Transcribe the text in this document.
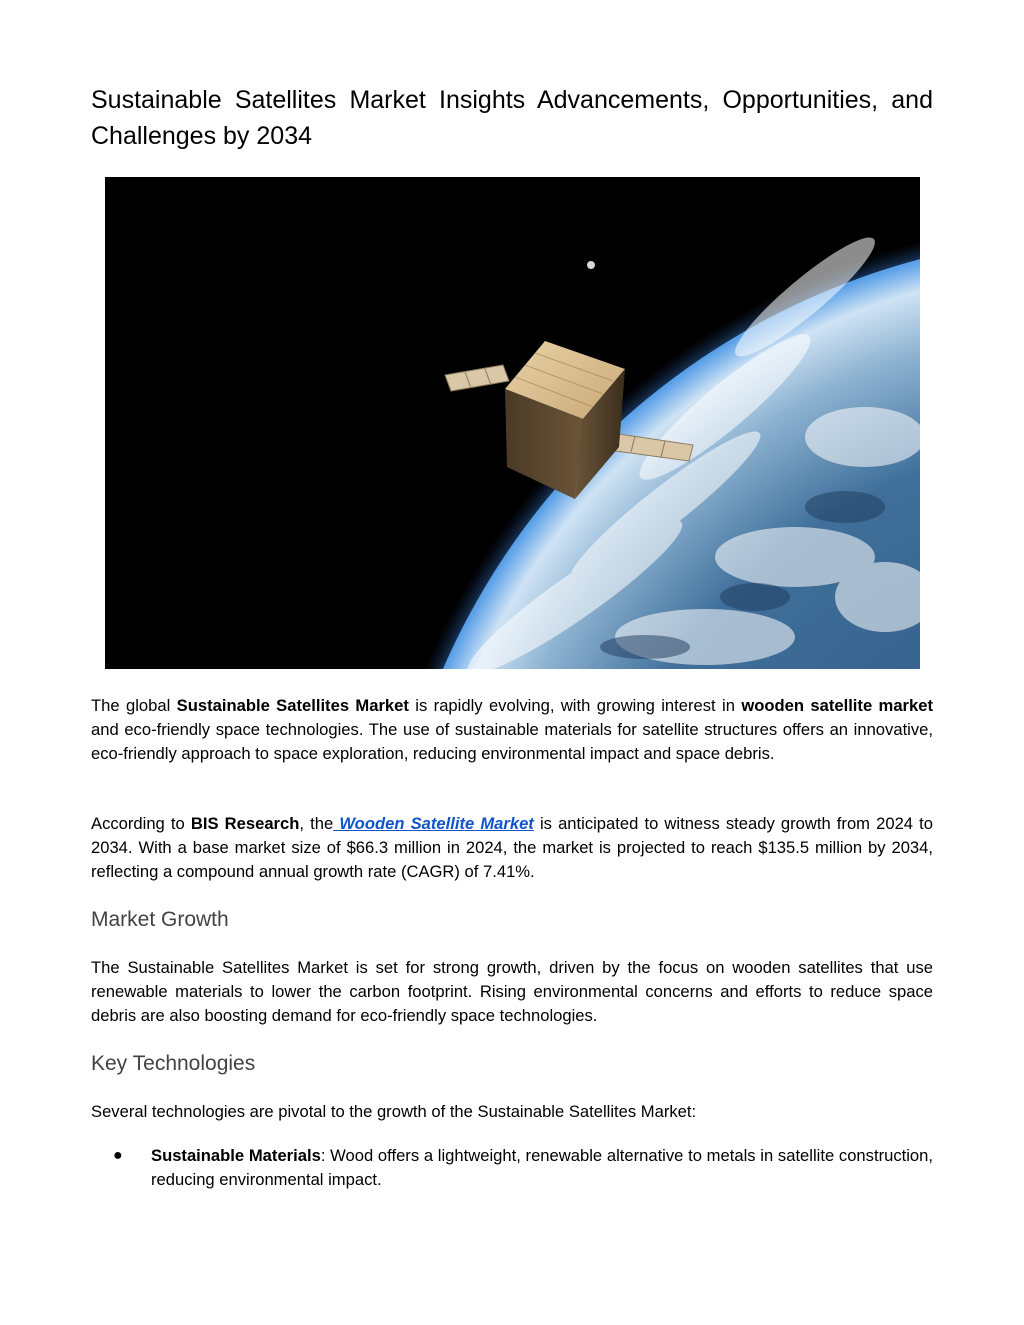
Sustainable Satellites Market Insights Advancements, Opportunities, and Challenges by 2034

The global Sustainable Satellites Market is rapidly evolving, with growing interest in wooden satellite market and eco-friendly space technologies. The use of sustainable materials for satellite structures offers an innovative, eco-friendly approach to space exploration, reducing environmental impact and space debris.

According to BIS Research, the Wooden Satellite Market is anticipated to witness steady growth from 2024 to 2034. With a base market size of $66.3 million in 2024, the market is projected to reach $135.5 million by 2034, reflecting a compound annual growth rate (CAGR) of 7.41%.

Market Growth

The Sustainable Satellites Market is set for strong growth, driven by the focus on wooden satellites that use renewable materials to lower the carbon footprint. Rising environmental concerns and efforts to reduce space debris are also boosting demand for eco-friendly space technologies.

Key Technologies

Several technologies are pivotal to the growth of the Sustainable Satellites Market:

● Sustainable Materials: Wood offers a lightweight, renewable alternative to metals in satellite construction, reducing environmental impact.
